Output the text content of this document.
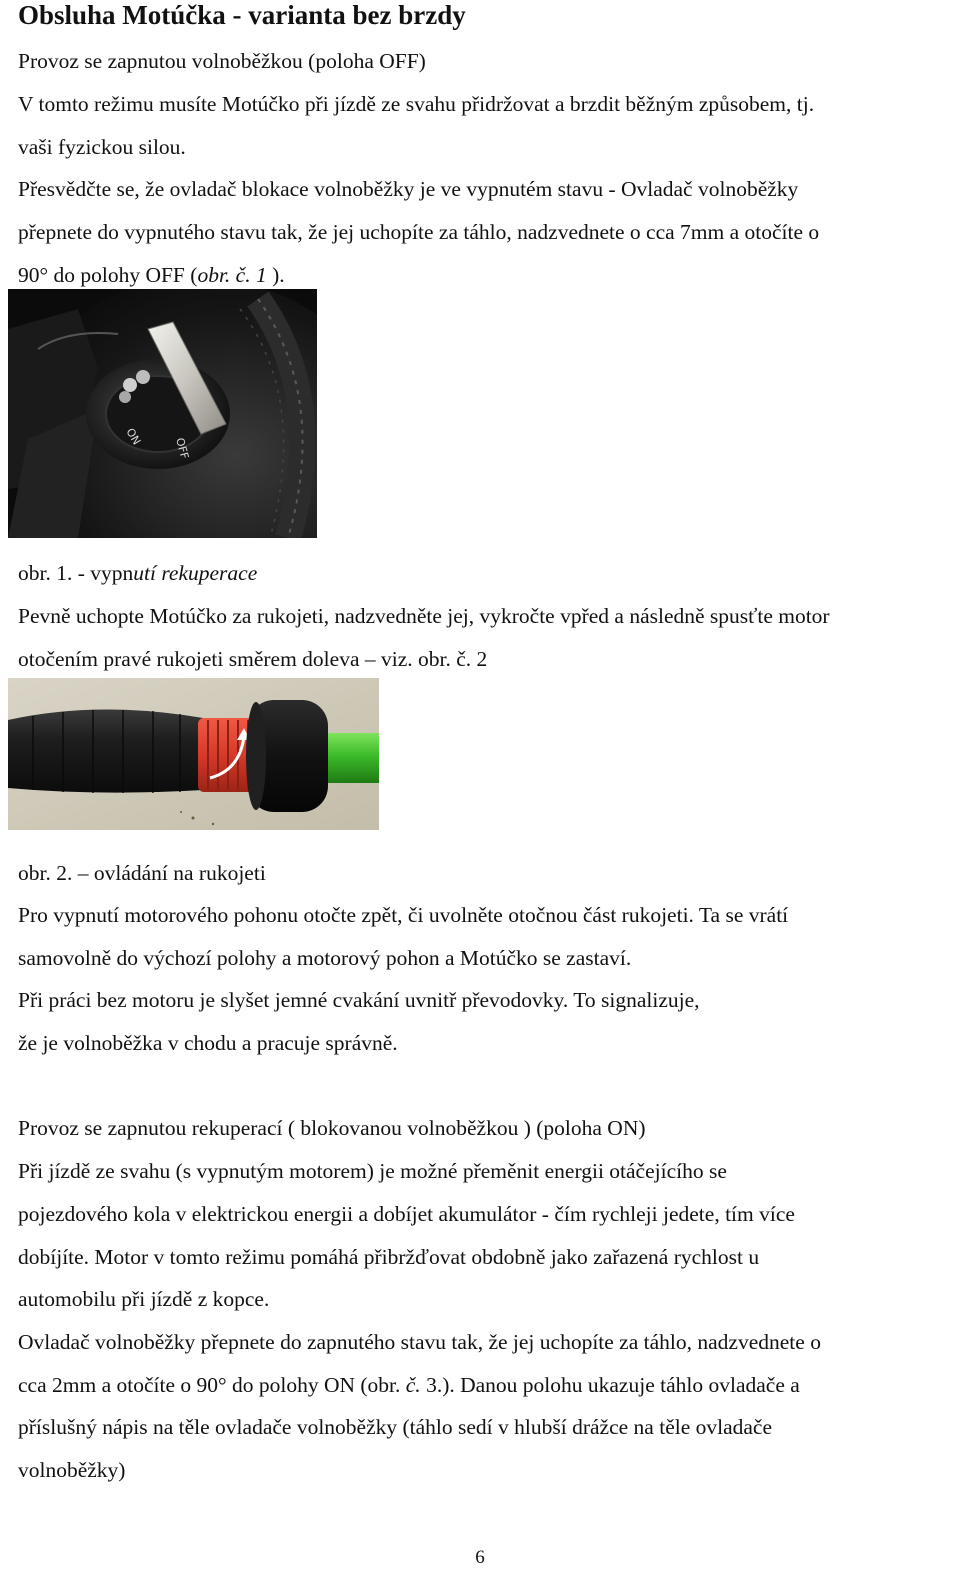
Obsluha Motúčka - varianta bez brzdy

Provoz se zapnutou volnoběžkou (poloha OFF)

V tomto režimu musíte Motúčko při jízdě ze svahu přidržovat a brzdit běžným způsobem, tj.

vaši fyzickou silou.

Přesvědčte se, že ovladač blokace volnoběžky je ve vypnutém stavu - Ovladač volnoběžky

přepnete do vypnutého stavu tak, že jej uchopíte za táhlo, nadzvednete o cca 7mm a otočíte o

90° do polohy OFF (obr. č. 1 ).

ON	OFF

obr. 1. - vypnutí rekuperace

Pevně uchopte Motúčko za rukojeti, nadzvedněte jej, vykročte vpřed a následně spusťte motor

otočením pravé rukojeti směrem doleva – viz. obr. č. 2

obr. 2. – ovládání na rukojeti

Pro vypnutí motorového pohonu otočte zpět, či uvolněte otočnou část rukojeti. Ta se vrátí

samovolně do výchozí polohy a motorový pohon a Motúčko se zastaví.

Při práci bez motoru je slyšet jemné cvakání uvnitř převodovky. To signalizuje,

že je volnoběžka v chodu a pracuje správně.

Provoz se zapnutou rekuperací ( blokovanou volnoběžkou ) (poloha ON)

Při jízdě ze svahu (s vypnutým motorem) je možné přeměnit energii otáčejícího se

pojezdového kola v elektrickou energii a dobíjet akumulátor - čím rychleji jedete, tím více

dobíjíte. Motor v tomto režimu pomáhá přibržďovat obdobně jako zařazená rychlost u

automobilu při jízdě z kopce.

Ovladač volnoběžky přepnete do zapnutého stavu tak, že jej uchopíte za táhlo, nadzvednete o

cca 2mm a otočíte o 90° do polohy ON (obr. č. 3.). Danou polohu ukazuje táhlo ovladače a

příslušný nápis na těle ovladače volnoběžky (táhlo sedí v hlubší drážce na těle ovladače

volnoběžky)

6
